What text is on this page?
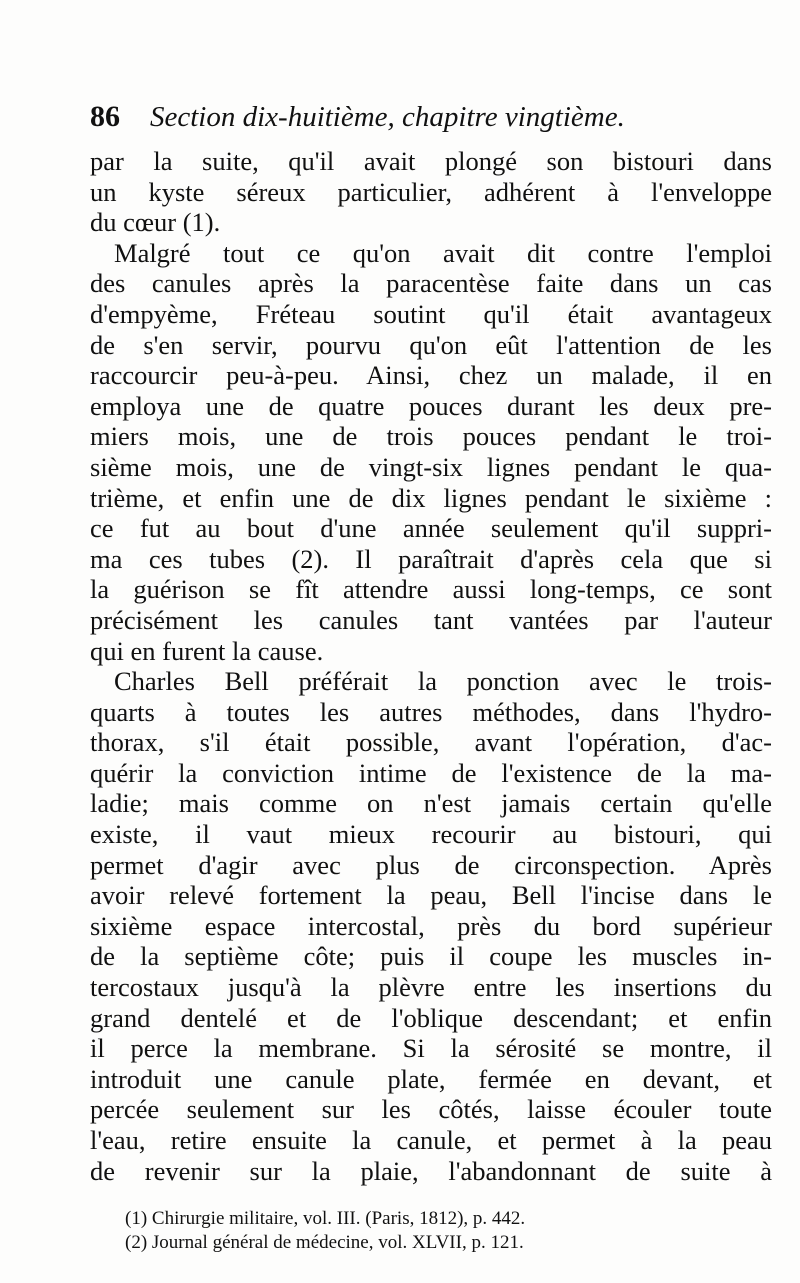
86 Section dix-huitième, chapitre vingtième.
par la suite, qu'il avait plongé son bistouri dans
un kyste séreux particulier, adhérent à l'enveloppe
du cœur (1).
Malgré tout ce qu'on avait dit contre l'emploi
des canules après la paracentèse faite dans un cas
d'empyème, Fréteau soutint qu'il était avantageux
de s'en servir, pourvu qu'on eût l'attention de les
raccourcir peu-à-peu. Ainsi, chez un malade, il en
employa une de quatre pouces durant les deux pre-
miers mois, une de trois pouces pendant le troi-
sième mois, une de vingt-six lignes pendant le qua-
trième, et enfin une de dix lignes pendant le sixième :
ce fut au bout d'une année seulement qu'il suppri-
ma ces tubes (2). Il paraîtrait d'après cela que si
la guérison se fît attendre aussi long-temps, ce sont
précisément les canules tant vantées par l'auteur
qui en furent la cause.
Charles Bell préférait la ponction avec le trois-
quarts à toutes les autres méthodes, dans l'hydro-
thorax, s'il était possible, avant l'opération, d'ac-
quérir la conviction intime de l'existence de la ma-
ladie; mais comme on n'est jamais certain qu'elle
existe, il vaut mieux recourir au bistouri, qui
permet d'agir avec plus de circonspection. Après
avoir relevé fortement la peau, Bell l'incise dans le
sixième espace intercostal, près du bord supérieur
de la septième côte; puis il coupe les muscles in-
tercostaux jusqu'à la plèvre entre les insertions du
grand dentelé et de l'oblique descendant; et enfin
il perce la membrane. Si la sérosité se montre, il
introduit une canule plate, fermée en devant, et
percée seulement sur les côtés, laisse écouler toute
l'eau, retire ensuite la canule, et permet à la peau
de revenir sur la plaie, l'abandonnant de suite à
(1) Chirurgie militaire, vol. III. (Paris, 1812), p. 442.
(2) Journal général de médecine, vol. XLVII, p. 121.
